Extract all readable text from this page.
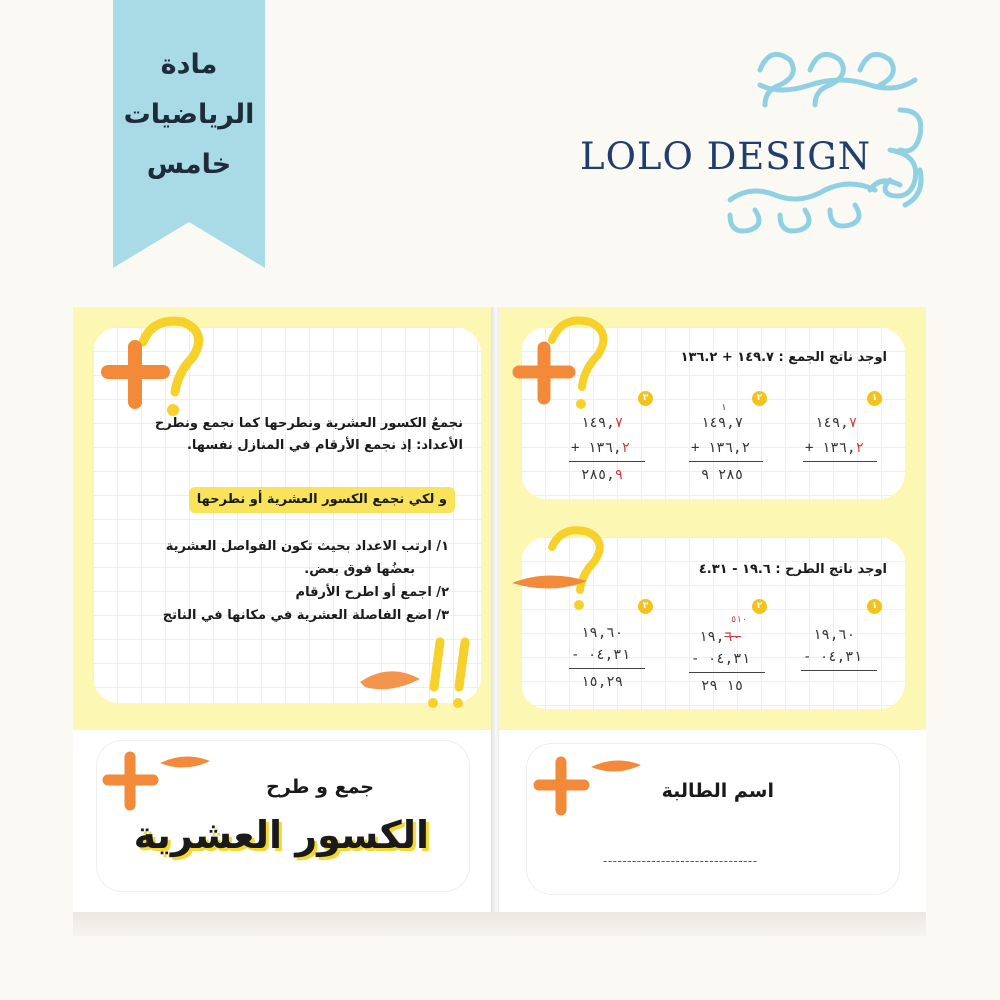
مادة
الرياضيات
خامس	LOLO DESIGN
نجمعُ الكسور العشرية ونطرحها كما نجمع ونطرح
الأعداد: إذ نجمع الأرقام في المنازل نفسها.
و لكي نجمع الكسور العشرية أو نطرحها
١/ ارتب الاعداد بحيث تكون الفواصل العشرية
بعضُها فوق بعض.
٢/ اجمع أو اطرح الأرقام
٣/ اضع الفاصلة العشرية في مكانها في الناتج
جمع و طرح
الكسور العشرية
اوجد ناتج الجمع : ١٤٩.٧ + ١٣٦.٢
١
٢
٣
١٤٩,٧
١٣٦,٢ +
١
١٤٩,٧
١٣٦,٢ +
٢٨٥ ٩
١٤٩,٧
١٣٦,٢ +
٢٨٥,٩
اوجد ناتج الطرح : ١٩.٦ - ٤.٣١
١
٢
٣
١٩,٦٠
٠٤,٣١ -
٥١٠
١٩,٦٠
٠٤,٣١ -
١٥ ٢٩
١٩,٦٠
٠٤,٣١ -
١٥,٢٩
اسم الطالبة
--------------------------------
